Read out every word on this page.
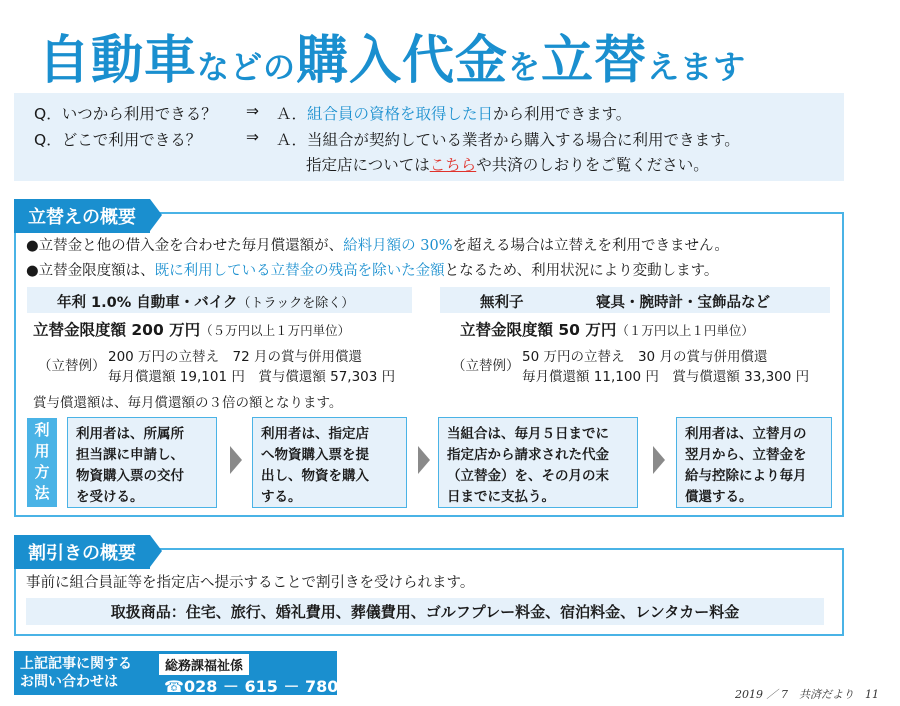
自動車などの購入代金を立替えます
Q．いつから利用できる？ ⇒ Ａ．組合員の資格を取得した日から利用できます。
Q．どこで利用できる？	⇒ Ａ．当組合が契約している業者から購入する場合に利用できます。
指定店についてはこちらや共済のしおりをご覧ください。
立替えの概要
●立替金と他の借入金を合わせた毎月償還額が、給料月額の 30%を超える場合は立替えを利用できません。
●立替金限度額は、既に利用している立替金の残高を除いた金額となるため、利用状況により変動します。
年利 1.0% 自動車・バイク（トラックを除く）
立替金限度額 200 万円（５万円以上１万円単位）
（立替例）
200 万円の立替え　72 月の賞与併用償還
毎月償還額 19,101 円　賞与償還額 57,303 円
無利子　　　　　寝具・腕時計・宝飾品など
立替金限度額 50 万円（１万円以上１円単位）
（立替例）
50 万円の立替え　30 月の賞与併用償還
毎月償還額 11,100 円　賞与償還額 33,300 円
賞与償還額は、毎月償還額の３倍の額となります。
利
用
方
法
利用者は、所属所
担当課に申請し、
物資購入票の交付
を受ける。
利用者は、指定店
へ物資購入票を提
出し、物資を購入
する。
当組合は、毎月５日までに
指定店から請求された代金
（立替金）を、その月の末
日までに支払う。
利用者は、立替月の
翌月から、立替金を
給与控除により毎月
償還する。
割引きの概要
事前に組合員証等を指定店へ提示することで割引きを受けられます。
取扱商品：住宅、旅行、婚礼費用、葬儀費用、ゴルフプレー料金、宿泊料金、レンタカー料金
上記記事に関する
お問い合わせは
総務課福祉係
☎028 － 615 － 7805	2019 ／ 7　共済だより　11
